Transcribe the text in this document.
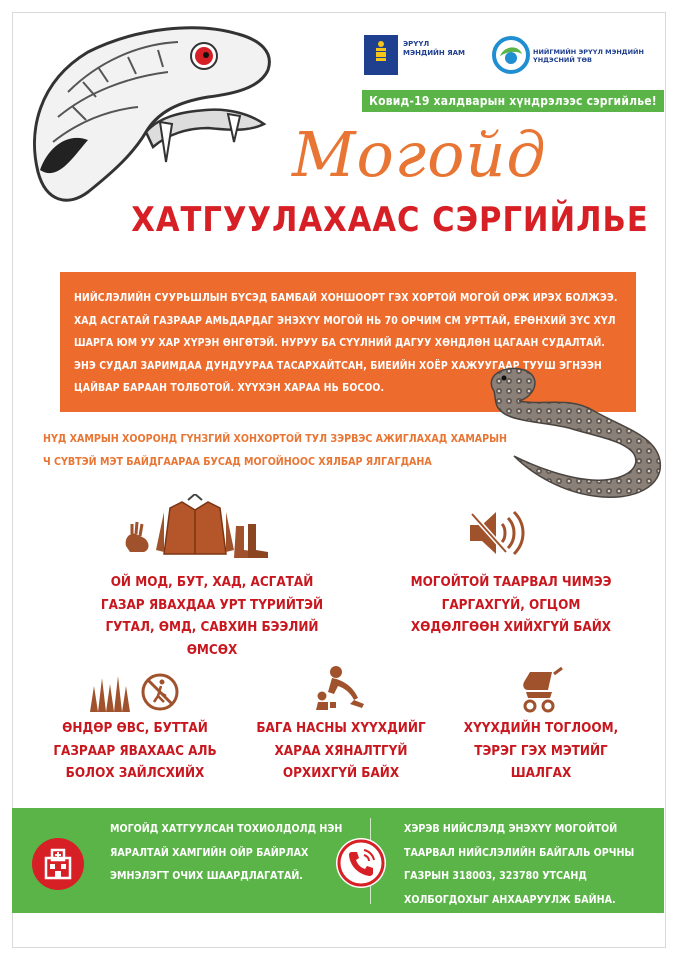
ЭРҮҮЛ МЭНДИЙН ЯАМ	НИЙГМИЙН ЭРҮҮЛ МЭНДИЙН ҮНДЭСНИЙ ТӨВ
Ковид-19 халдварын хүндрэлээс сэргийлье!
Могойд
ХАТГУУЛАХААС СЭРГИЙЛЬЕ

НИЙСЛЭЛИЙН СУУРЬШЛЫН БҮСЭД БАМБАЙ ХОНШООРТ ГЭХ ХОРТОЙ МОГОЙ ОРЖ ИРЭХ БОЛЖЭЭ. ХАД АСГАТАЙ ГАЗРААР АМЬДАРДАГ ЭНЭХҮҮ МОГОЙ НЬ 70 ОРЧИМ СМ УРТТАЙ, ЕРӨНХИЙ ЗҮС ХҮЛ ШАРГА ЮМ УУ ХАР ХҮРЭН ӨНГӨТЭЙ. НУРУУ БА СҮҮЛНИЙ ДАГУУ ХӨНДЛӨН ЦАГААН СУДАЛТАЙ. ЭНЭ СУДАЛ ЗАРИМДАА ДУНДУУРАА ТАСАРХАЙТСАН, БИЕИЙН ХОЁР ХАЖУУГААР ТУУШ ЭГНЭЭН ЦАЙВАР БАРААН ТОЛБОТОЙ. ХҮҮХЭН ХАРАА НЬ БОСОО.

НҮД ХАМРЫН ХООРОНД ГҮНЗГИЙ ХОНХОРТОЙ ТУЛ ЗЭРВЭС АЖИГЛАХАД ХАМАРЫН Ч СҮВТЭЙ МЭТ БАЙДГААРАА БУСАД МОГОЙНООС ХЯЛБАР ЯЛГАГДАНА
ОЙ МОД, БУТ, ХАД, АСГАТАЙ ГАЗАР ЯВАХДАА УРТ ТҮРИЙТЭЙ ГУТАЛ, ӨМД, САВХИН БЭЭЛИЙ ӨМСӨХ
МОГОЙТОЙ ТААРВАЛ ЧИМЭЭ ГАРГАХГҮЙ, ОГЦОМ ХӨДӨЛГӨӨН ХИЙХГҮЙ БАЙХ
ӨНДӨР ӨВС, БУТТАЙ ГАЗРААР ЯВАХААС АЛЬ БОЛОХ ЗАЙЛСХИЙХ
БАГА НАСНЫ ХҮҮХДИЙГ ХАРАА ХЯНАЛТГҮЙ ОРХИХГҮЙ БАЙХ
ХҮҮХДИЙН ТОГЛООМ, ТЭРЭГ ГЭХ МЭТИЙГ ШАЛГАХ
МОГОЙД ХАТГУУЛСАН ТОХИОЛДОЛД НЭН ЯАРАЛТАЙ ХАМГИЙН ОЙР БАЙРЛАХ ЭМНЭЛЭГТ ОЧИХ ШААРДЛАГАТАЙ.
ХЭРЭВ НИЙСЛЭЛД ЭНЭХҮҮ МОГОЙТОЙ ТААРВАЛ НИЙСЛЭЛИЙН БАЙГАЛЬ ОРЧНЫ ГАЗРЫН 318003, 323780 УТСАНД ХОЛБОГДОХЫГ АНХААРУУЛЖ БАЙНА.
